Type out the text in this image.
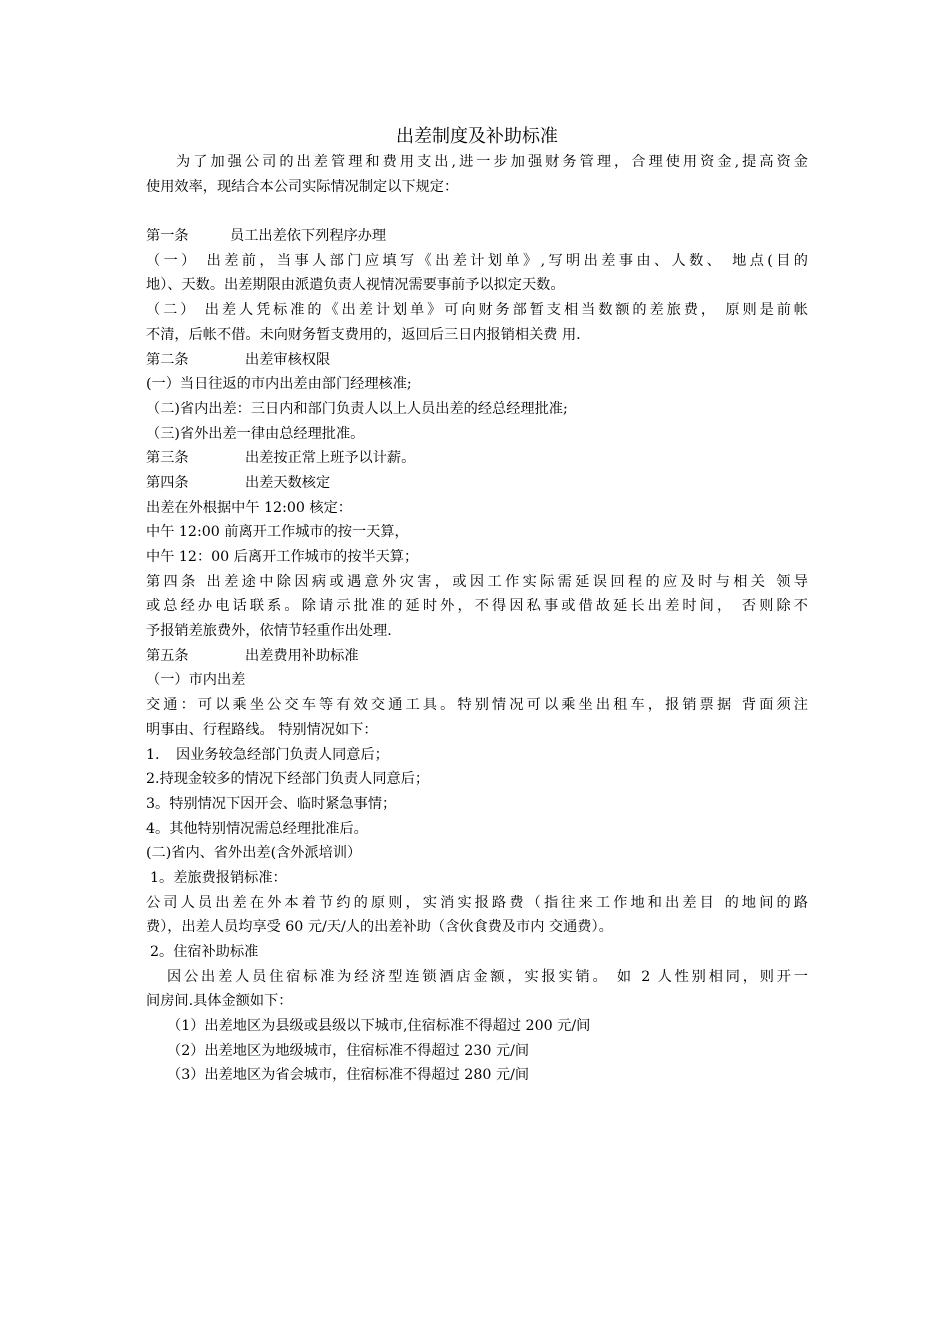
出差制度及补助标准
为了加强公司的出差管理和费用支出,进一步加强财务管理，合理使用资金,提高资金
使用效率，现结合本公司实际情况制定以下规定：
第一条	员工出差依下列程序办理
（一） 出差前，当事人部门应填写《出差计划单》,写明出差事由、人数、 地点(目的
地）、天数。出差期限由派遣负责人视情况需要事前予以拟定天数。
（二） 出差人凭标准的《出差计划单》可向财务部暂支相当数额的差旅费， 原则是前帐
不清，后帐不借。未向财务暂支费用的，返回后三日内报销相关费 用.
第二条	出差审核权限
(一）当日往返的市内出差由部门经理核准;
（二)省内出差：三日内和部门负责人以上人员出差的经总经理批准;
（三)省外出差一律由总经理批准。
第三条	出差按正常上班予以计薪。
第四条	出差天数核定
出差在外根据中午 12:00 核定：
中午 12:00 前离开工作城市的按一天算，
中午 12：00 后离开工作城市的按半天算；
第四条 出差途中除因病或遇意外灾害，或因工作实际需延误回程的应及时与相关 领导
或总经办电话联系。除请示批准的延时外，不得因私事或借故延长出差时间， 否则除不
予报销差旅费外，依情节轻重作出处理.
第五条	出差费用补助标准
（一）市内出差
交通：可以乘坐公交车等有效交通工具。特别情况可以乘坐出租车，报销票据 背面须注
明事由、行程路线。 特别情况如下：
1. 因业务较急经部门负责人同意后；
2.持现金较多的情况下经部门负责人同意后；
3。特别情况下因开会、临时紧急事情；
4。其他特别情况需总经理批准后。
(二)省内、省外出差(含外派培训）
1。差旅费报销标准：
公司人员出差在外本着节约的原则，实消实报路费（指往来工作地和出差目 的地间的路
费），出差人员均享受 60 元/天/人的出差补助（含伙食费及市内 交通费）。
2。住宿补助标准
因公出差人员住宿标准为经济型连锁酒店金额，实报实销。 如 2 人性别相同，则开一
间房间.具体金额如下：
（1）出差地区为县级或县级以下城市,住宿标准不得超过 200 元/间
（2）出差地区为地级城市，住宿标准不得超过 230 元/间
（3）出差地区为省会城市，住宿标准不得超过 280 元/间
